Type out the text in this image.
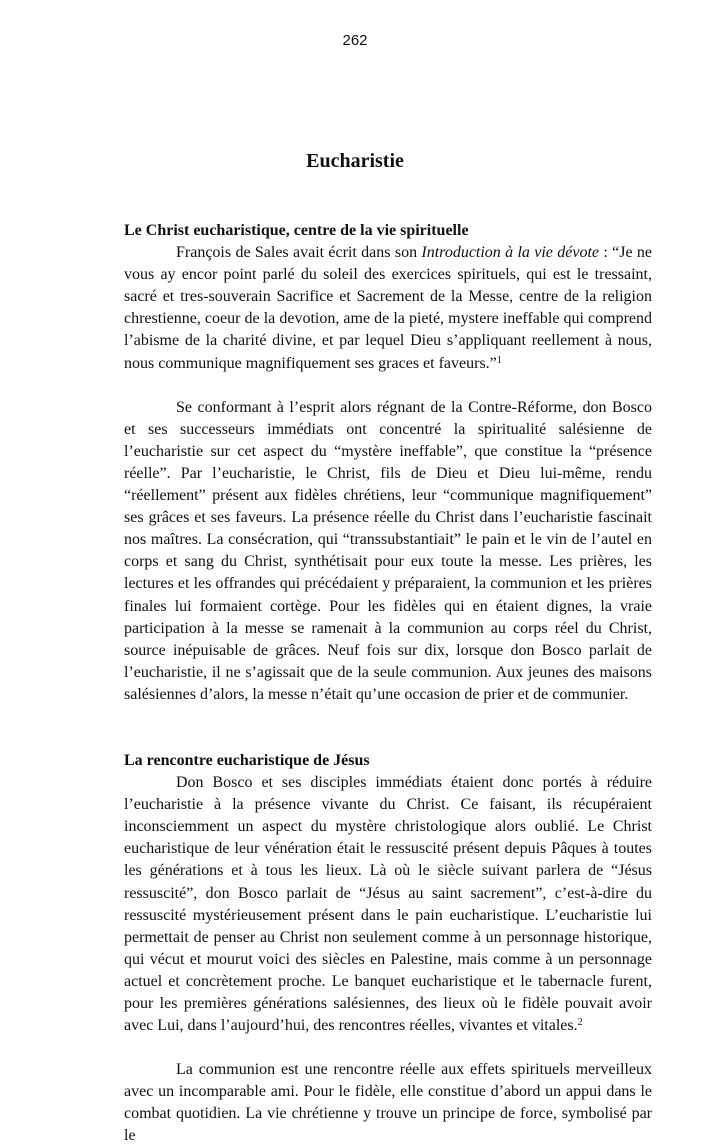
262
Eucharistie

Le Christ eucharistique, centre de la vie spirituelle

François de Sales avait écrit dans son Introduction à la vie dévote : “Je ne vous ay encor point parlé du soleil des exercices spirituels, qui est le tressaint, sacré et tres-souverain Sacrifice et Sacrement de la Messe, centre de la religion chrestienne, coeur de la devotion, ame de la pieté, mystere ineffable qui comprend l’abisme de la charité divine, et par lequel Dieu s’appliquant reellement à nous, nous communique magnifiquement ses graces et faveurs.”$^1$

Se conformant à l’esprit alors régnant de la Contre-Réforme, don Bosco et ses successeurs immédiats ont concentré la spiritualité salésienne de l’eucharistie sur cet aspect du “mystère ineffable”, que constitue la “présence réelle”. Par l’eucharistie, le Christ, fils de Dieu et Dieu lui-même, rendu “réellement” présent aux fidèles chrétiens, leur “communique magnifiquement” ses grâces et ses faveurs. La présence réelle du Christ dans l’eucharistie fascinait nos maîtres. La consécration, qui “transsubstantiait” le pain et le vin de l’autel en corps et sang du Christ, synthétisait pour eux toute la messe. Les prières, les lectures et les offrandes qui précédaient y préparaient, la communion et les prières finales lui formaient cortège. Pour les fidèles qui en étaient dignes, la vraie participation à la messe se ramenait à la communion au corps réel du Christ, source inépuisable de grâces. Neuf fois sur dix, lorsque don Bosco parlait de l’eucharistie, il ne s’agissait que de la seule communion. Aux jeunes des maisons salésiennes d’alors, la messe n’était qu’une occasion de prier et de communier.

La rencontre eucharistique de Jésus

Don Bosco et ses disciples immédiats étaient donc portés à réduire l’eucharistie à la présence vivante du Christ. Ce faisant, ils récupéraient inconsciemment un aspect du mystère christologique alors oublié. Le Christ eucharistique de leur vénération était le ressuscité présent depuis Pâques à toutes les générations et à tous les lieux. Là où le siècle suivant parlera de “Jésus ressuscité”, don Bosco parlait de “Jésus au saint sacrement”, c’est-à-dire du ressuscité mystérieusement présent dans le pain eucharistique. L’eucharistie lui permettait de penser au Christ non seulement comme à un personnage historique, qui vécut et mourut voici des siècles en Palestine, mais comme à un personnage actuel et concrètement proche. Le banquet eucharistique et le tabernacle furent, pour les premières générations salésiennes, des lieux où le fidèle pouvait avoir avec Lui, dans l’aujourd’hui, des rencontres réelles, vivantes et vitales.$^2$

La communion est une rencontre réelle aux effets spirituels merveilleux avec un incomparable ami. Pour le fidèle, elle constitue d’abord un appui dans le combat quotidien. La vie chrétienne y trouve un principe de force, symbolisé par le
